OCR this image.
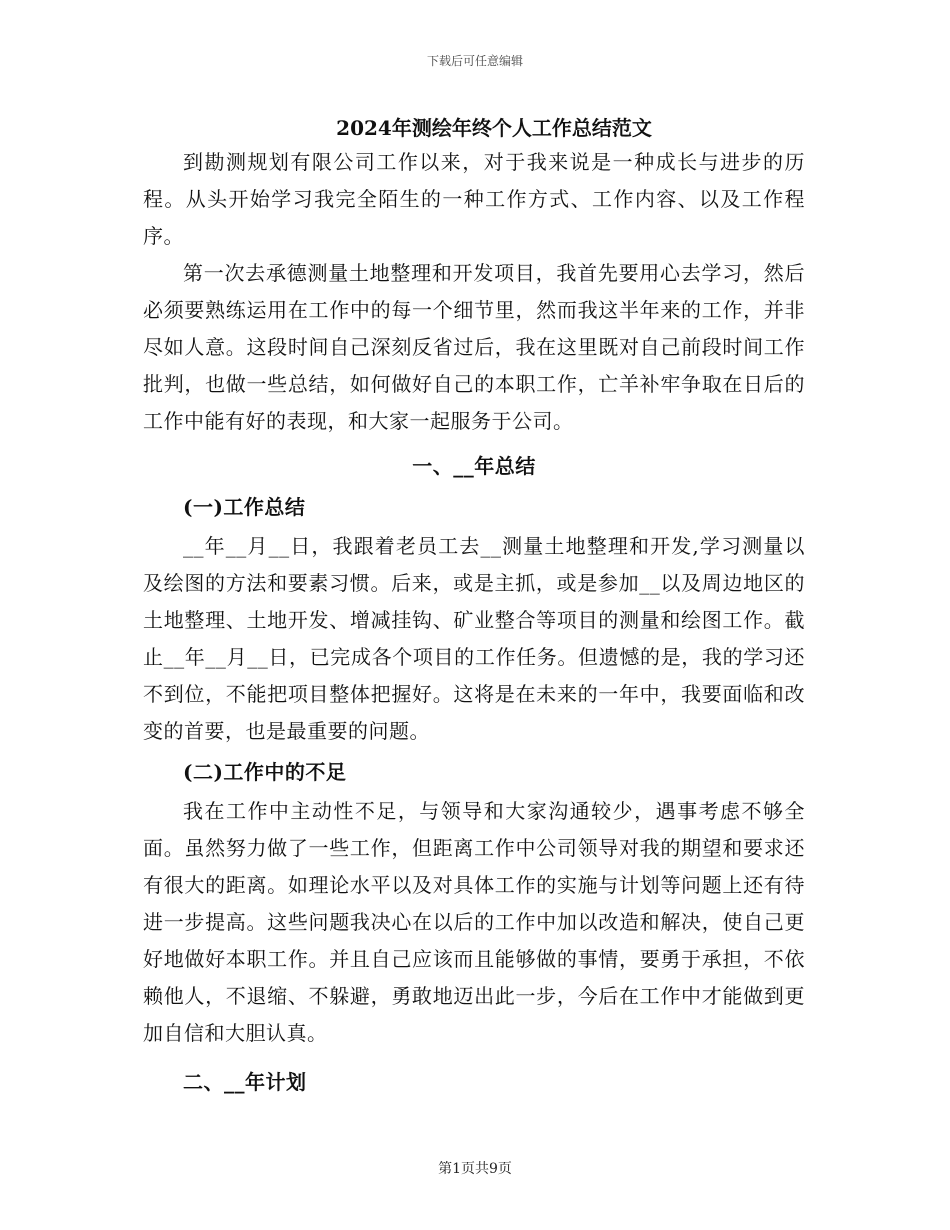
下载后可任意编辑
2024年测绘年终个人工作总结范文

到勘测规划有限公司工作以来，对于我来说是一种成长与进步的历程。从头开始学习我完全陌生的一种工作方式、工作内容、以及工作程序。

第一次去承德测量土地整理和开发项目，我首先要用心去学习，然后必须要熟练运用在工作中的每一个细节里，然而我这半年来的工作，并非尽如人意。这段时间自己深刻反省过后，我在这里既对自己前段时间工作批判，也做一些总结，如何做好自己的本职工作，亡羊补牢争取在日后的工作中能有好的表现，和大家一起服务于公司。

一、__年总结

(一)工作总结

__年__月__日，我跟着老员工去__测量土地整理和开发,学习测量以及绘图的方法和要素习惯。后来，或是主抓，或是参加__以及周边地区的土地整理、土地开发、增减挂钩、矿业整合等项目的测量和绘图工作。截止__年__月__日，已完成各个项目的工作任务。但遗憾的是，我的学习还不到位，不能把项目整体把握好。这将是在未来的一年中，我要面临和改变的首要，也是最重要的问题。

(二)工作中的不足

我在工作中主动性不足，与领导和大家沟通较少，遇事考虑不够全面。虽然努力做了一些工作，但距离工作中公司领导对我的期望和要求还有很大的距离。如理论水平以及对具体工作的实施与计划等问题上还有待进一步提高。这些问题我决心在以后的工作中加以改造和解决，使自己更好地做好本职工作。并且自己应该而且能够做的事情，要勇于承担，不依赖他人，不退缩、不躲避，勇敢地迈出此一步，今后在工作中才能做到更加自信和大胆认真。

二、__年计划

第1页共9页
